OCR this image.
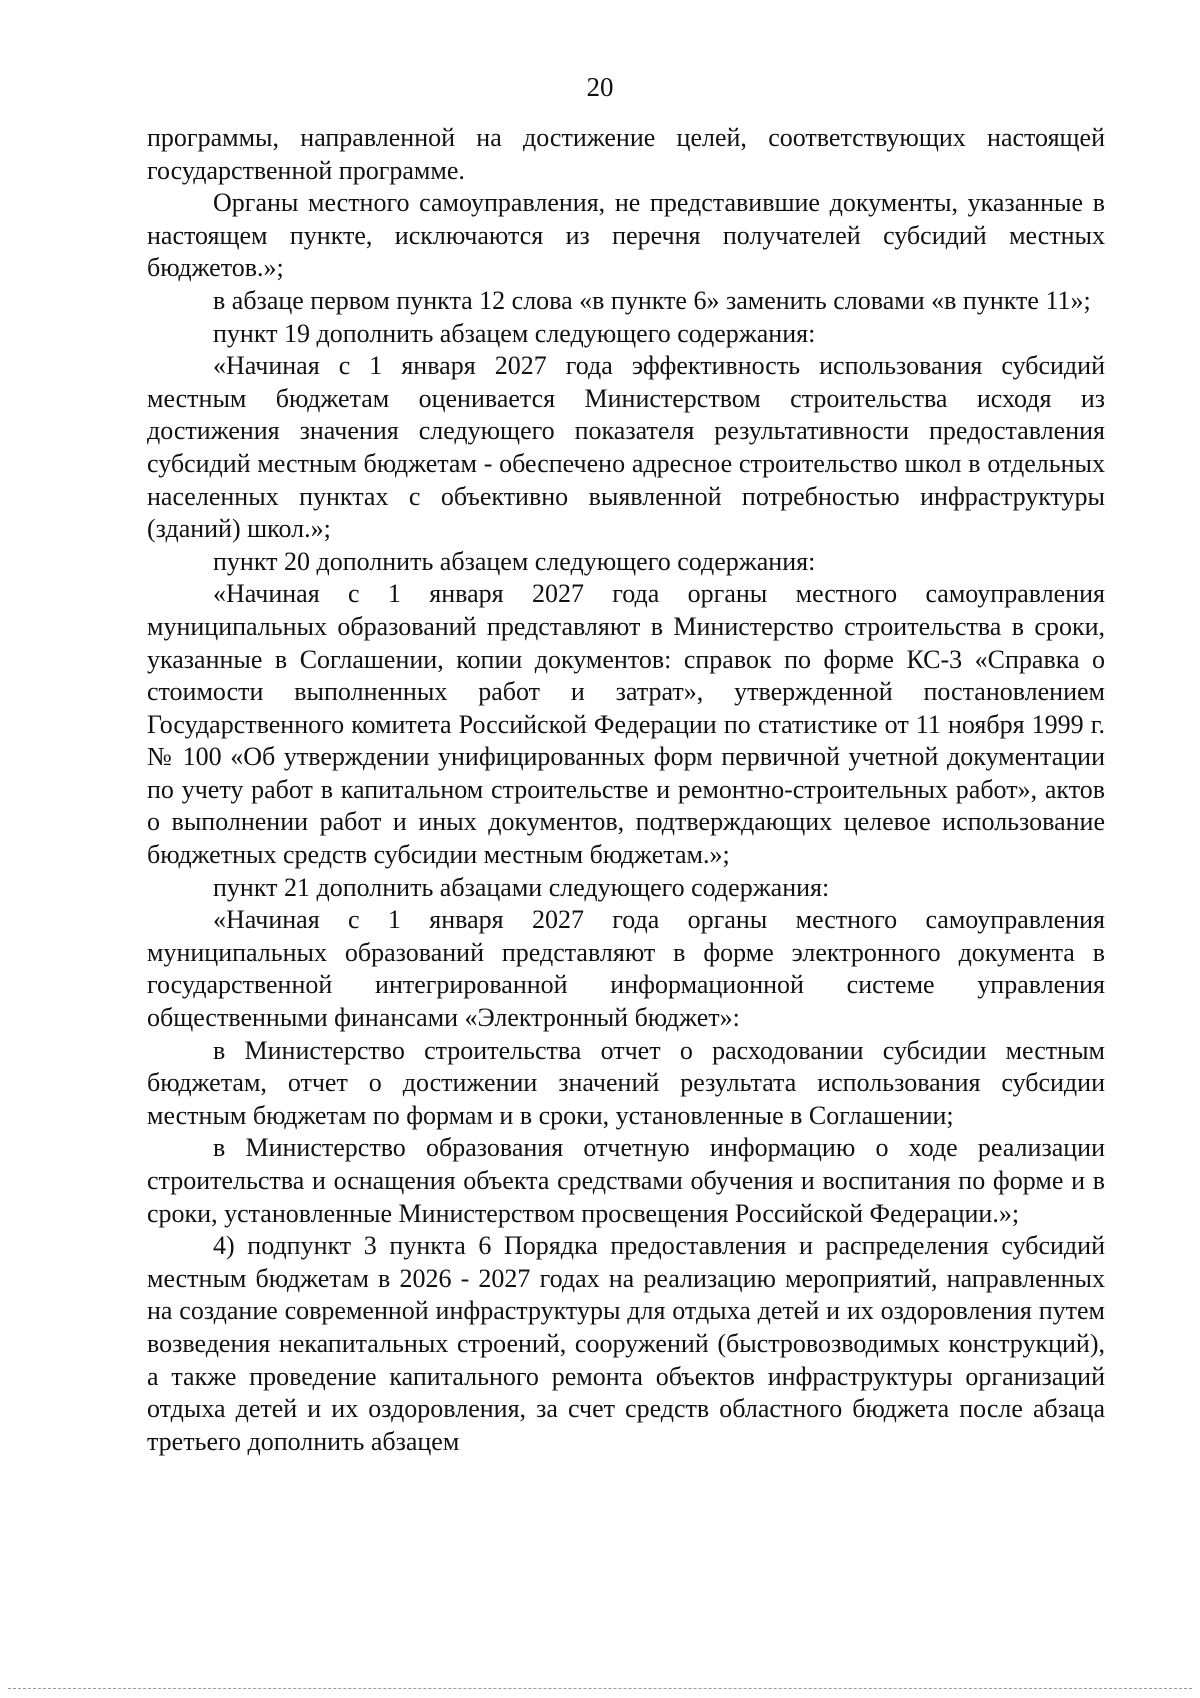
20

программы, направленной на достижение целей, соответствующих настоящей государственной программе.

Органы местного самоуправления, не представившие документы, указанные в настоящем пункте, исключаются из перечня получателей субсидий местных бюджетов.»;

в абзаце первом пункта 12 слова «в пункте 6» заменить словами «в пункте 11»;

пункт 19 дополнить абзацем следующего содержания:

«Начиная с 1 января 2027 года эффективность использования субсидий местным бюджетам оценивается Министерством строительства исходя из достижения значения следующего показателя результативности предоставления субсидий местным бюджетам - обеспечено адресное строительство школ в отдельных населенных пунктах с объективно выявленной потребностью инфраструктуры (зданий) школ.»;

пункт 20 дополнить абзацем следующего содержания:

«Начиная с 1 января 2027 года органы местного самоуправления муниципальных образований представляют в Министерство строительства в сроки, указанные в Соглашении, копии документов: справок по форме КС-3 «Справка о стоимости выполненных работ и затрат», утвержденной постановлением Государственного комитета Российской Федерации по статистике от 11 ноября 1999 г. № 100 «Об утверждении унифицированных форм первичной учетной документации по учету работ в капитальном строительстве и ремонтно-строительных работ», актов о выполнении работ и иных документов, подтверждающих целевое использование бюджетных средств субсидии местным бюджетам.»;

пункт 21 дополнить абзацами следующего содержания:

«Начиная с 1 января 2027 года органы местного самоуправления муниципальных образований представляют в форме электронного документа в государственной интегрированной информационной системе управления общественными финансами «Электронный бюджет»:

в Министерство строительства отчет о расходовании субсидии местным бюджетам, отчет о достижении значений результата использования субсидии местным бюджетам по формам и в сроки, установленные в Соглашении;

в Министерство образования отчетную информацию о ходе реализации строительства и оснащения объекта средствами обучения и воспитания по форме и в сроки, установленные Министерством просвещения Российской Федерации.»;

4) подпункт 3 пункта 6 Порядка предоставления и распределения субсидий местным бюджетам в 2026 - 2027 годах на реализацию мероприятий, направленных на создание современной инфраструктуры для отдыха детей и их оздоровления путем возведения некапитальных строений, сооружений (быстровозводимых конструкций), а также проведение капитального ремонта объектов инфраструктуры организаций отдыха детей и их оздоровления, за счет средств областного бюджета после абзаца третьего дополнить абзацем
